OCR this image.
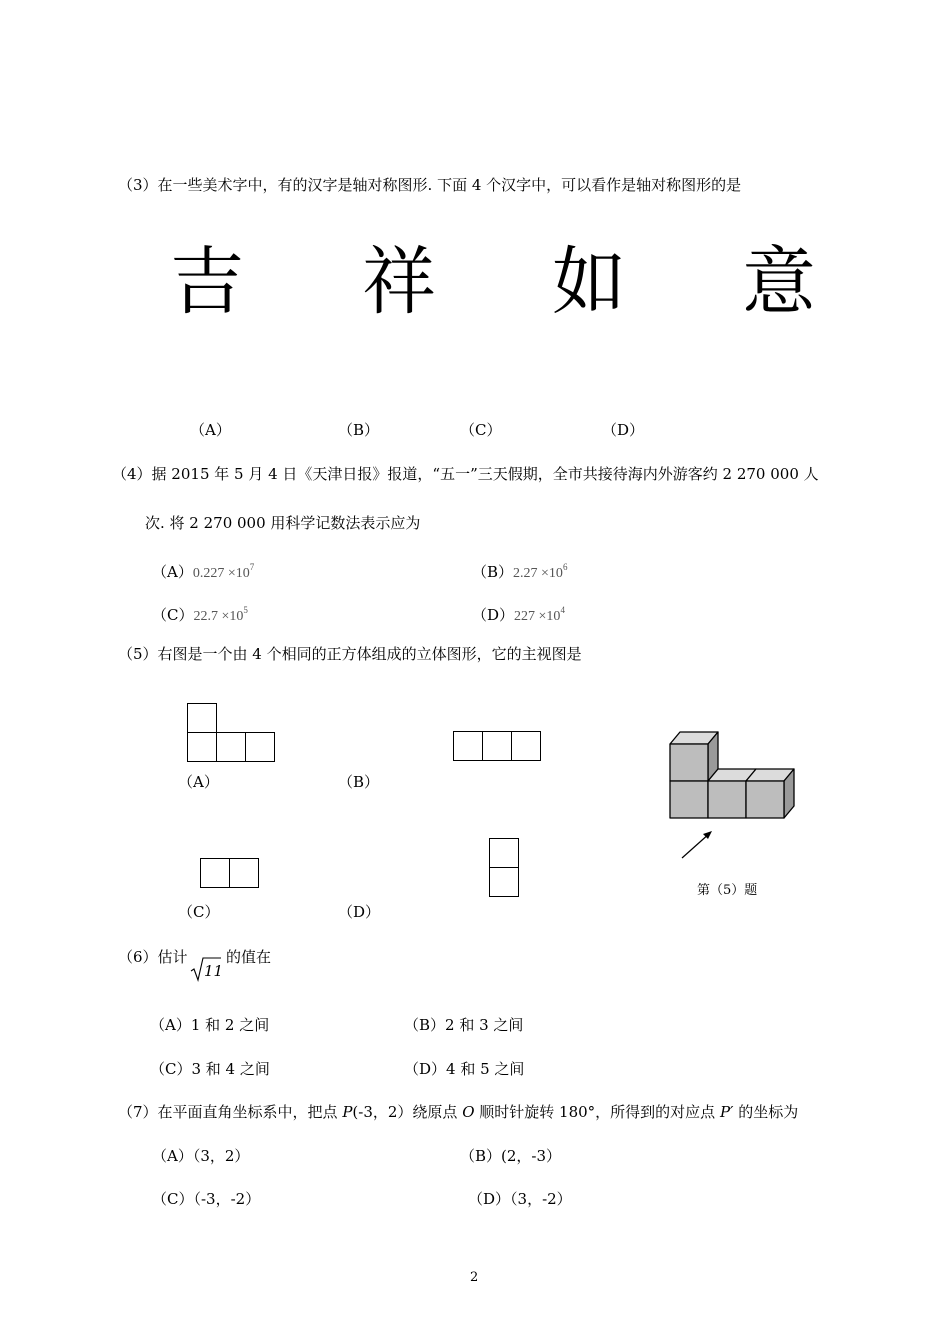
（3）在一些美术字中，有的汉字是轴对称图形. 下面 4 个汉字中，可以看作是轴对称图形的是
吉 祥 如 意
（A）	（B）	（C）	（D）
（4）据 2015 年 5 月 4 日《天津日报》报道，“五一”三天假期，全市共接待海内外游客约 2 270 000 人
次. 将 2 270 000 用科学记数法表示应为
$(A)0.227 \times 10^7$	$(B)2.27 \times 10^6$
$(C)22.7 \times 10^5$	$(D)227 \times 10^4$
（5）右图是一个由 4 个相同的正方体组成的立体图形，它的主视图是
（A）	（B）
（C）	（D）
第（5）题
（6）估计
11
的值在
（A）1 和 2 之间	（B）2 和 3 之间
（C）3 和 4 之间	（D）4 和 5 之间
（7）在平面直角坐标系中，把点 P(-3，2）绕原点 O 顺时针旋转 180°，所得到的对应点 P′ 的坐标为
（A）（3，2）	（B）(2，-3）
（C）（-3，-2）	（D）（3，-2）
2
